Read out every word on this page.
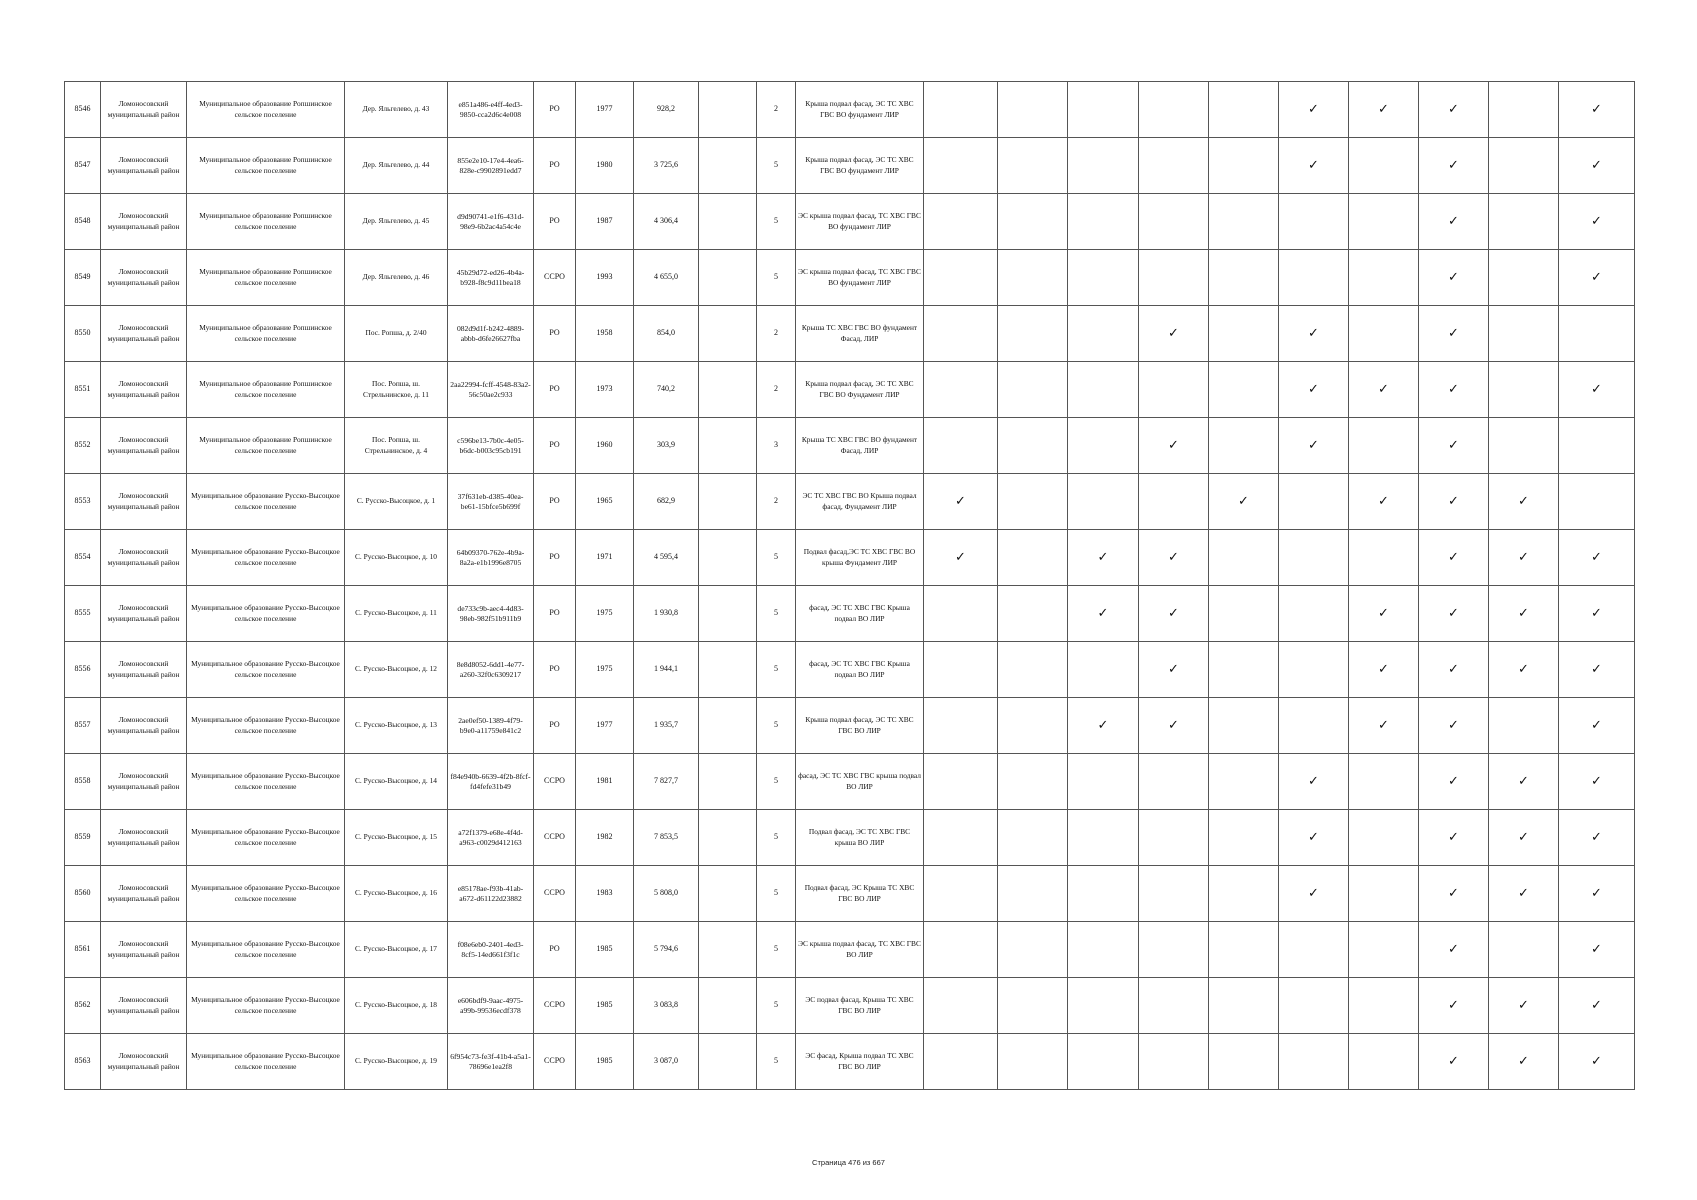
8546	Ломоносовский муниципальный район	Муниципальное образование Ропшинское сельское поселение	Дер. Яльгелево, д. 43	e851a486-e4ff-4ed3-9850-cca2d6c4e008	РО	1977	928,2		2	Крыша подвал фасад, ЭС ТС ХВС ГВС ВО фундамент ЛИР						✓	✓	✓		✓
8547	Ломоносовский муниципальный район	Муниципальное образование Ропшинское сельское поселение	Дер. Яльгелево, д. 44	855e2e10-17e4-4ea6-828e-c9902891edd7	РО	1980	3 725,6		5	Крыша подвал фасад, ЭС ТС ХВС ГВС ВО фундамент ЛИР						✓		✓		✓
8548	Ломоносовский муниципальный район	Муниципальное образование Ропшинское сельское поселение	Дер. Яльгелево, д. 45	d9d90741-e1f6-431d-98e9-6b2ac4a54c4e	РО	1987	4 306,4		5	ЭС крыша подвал фасад, ТС ХВС ГВС ВО фундамент ЛИР								✓		✓
8549	Ломоносовский муниципальный район	Муниципальное образование Ропшинское сельское поселение	Дер. Яльгелево, д. 46	45b29d72-ed26-4b4a-b928-f8c9d11bea18	СCPO	1993	4 655,0		5	ЭС крыша подвал фасад, ТС ХВС ГВС ВО фундамент ЛИР								✓		✓
8550	Ломоносовский муниципальный район	Муниципальное образование Ропшинское сельское поселение	Пос. Ропша, д. 2/40	082d9d1f-b242-4889-abbb-d6fe26627fba	РО	1958	854,0		2	Крыша ТС ХВС ГВС ВО фундамент Фасад, ЛИР				✓		✓		✓		
8551	Ломоносовский муниципальный район	Муниципальное образование Ропшинское сельское поселение	Пос. Ропша, ш. Стрельнинское, д. 11	2aa22994-fcff-4548-83a2-56c50ae2c933	РО	1973	740,2		2	Крыша подвал фасад, ЭС ТС ХВС ГВС ВО Фундамент ЛИР						✓	✓	✓		✓
8552	Ломоносовский муниципальный район	Муниципальное образование Ропшинское сельское поселение	Пос. Ропша, ш. Стрельнинское, д. 4	c596be13-7b0c-4e05-b6dc-b003c95cb191	РО	1960	303,9		3	Крыша ТС ХВС ГВС ВО фундамент Фасад, ЛИР				✓		✓		✓		
8553	Ломоносовский муниципальный район	Муниципальное образование Русско-Высоцкое сельское поселение	С. Русско-Высоцкое, д. 1	37f631eb-d385-40ea-be61-15bfce5b699f	РО	1965	682,9		2	ЭС ТС ХВС ГВС ВО Крыша подвал фасад, Фундамент ЛИР	✓				✓		✓	✓	✓	
8554	Ломоносовский муниципальный район	Муниципальное образование Русско-Высоцкое сельское поселение	С. Русско-Высоцкое, д. 10	64b09370-762e-4b9a-8a2a-e1b1996e8705	РО	1971	4 595,4		5	Подвал фасад,ЭС ТС ХВС ГВС ВО крыша Фундамент ЛИР	✓		✓	✓				✓	✓	✓
8555	Ломоносовский муниципальный район	Муниципальное образование Русско-Высоцкое сельское поселение	С. Русско-Высоцкое, д. 11	de733c9b-aec4-4d83-98eb-982f51b911b9	РО	1975	1 930,8		5	фасад, ЭС ТС ХВС ГВС Крыша подвал ВО ЛИР			✓	✓			✓	✓	✓	✓
8556	Ломоносовский муниципальный район	Муниципальное образование Русско-Высоцкое сельское поселение	С. Русско-Высоцкое, д. 12	8e8d8052-6dd1-4e77-a260-32f0c6309217	РО	1975	1 944,1		5	фасад, ЭС ТС ХВС ГВС Крыша подвал ВО ЛИР				✓			✓	✓	✓	✓
8557	Ломоносовский муниципальный район	Муниципальное образование Русско-Высоцкое сельское поселение	С. Русско-Высоцкое, д. 13	2ae0ef50-1389-4f79-b9e0-a11759e841c2	РО	1977	1 935,7		5	Крыша подвал фасад, ЭС ТС ХВС ГВС ВО ЛИР			✓	✓			✓	✓		✓
8558	Ломоносовский муниципальный район	Муниципальное образование Русско-Высоцкое сельское поселение	С. Русско-Высоцкое, д. 14	f84e940b-6639-4f2b-8fcf-fd4fefe31b49	СCPO	1981	7 827,7		5	фасад, ЭС ТС ХВС ГВС крыша подвал ВО ЛИР						✓		✓	✓	✓
8559	Ломоносовский муниципальный район	Муниципальное образование Русско-Высоцкое сельское поселение	С. Русско-Высоцкое, д. 15	a72f1379-e68e-4f4d-a963-c0029d412163	СCPO	1982	7 853,5		5	Подвал фасад, ЭС ТС ХВС ГВС крыша ВО ЛИР						✓		✓	✓	✓
8560	Ломоносовский муниципальный район	Муниципальное образование Русско-Высоцкое сельское поселение	С. Русско-Высоцкое, д. 16	e85178ae-f93b-41ab-a672-d61122d23882	СCPO	1983	5 808,0		5	Подвал фасад, ЭС Крыша ТС ХВС ГВС ВО ЛИР						✓		✓	✓	✓
8561	Ломоносовский муниципальный район	Муниципальное образование Русско-Высоцкое сельское поселение	С. Русско-Высоцкое, д. 17	f08e6eb0-2401-4ed3-8cf5-14ed661f3f1c	РО	1985	5 794,6		5	ЭС крыша подвал фасад, ТС ХВС ГВС ВО ЛИР								✓		✓
8562	Ломоносовский муниципальный район	Муниципальное образование Русско-Высоцкое сельское поселение	С. Русско-Высоцкое, д. 18	e606bdf9-9aac-4975-a99b-99536ecdf378	СCPO	1985	3 083,8		5	ЭС подвал фасад, Крыша ТС ХВС ГВС ВО ЛИР								✓	✓	✓
8563	Ломоносовский муниципальный район	Муниципальное образование Русско-Высоцкое сельское поселение	С. Русско-Высоцкое, д. 19	6f954c73-fe3f-41b4-a5a1-78696e1ea2f8	СCPO	1985	3 087,0		5	ЭС фасад, Крыша подвал ТС ХВС ГВС ВО ЛИР								✓	✓	✓
Страница 476 из 667
